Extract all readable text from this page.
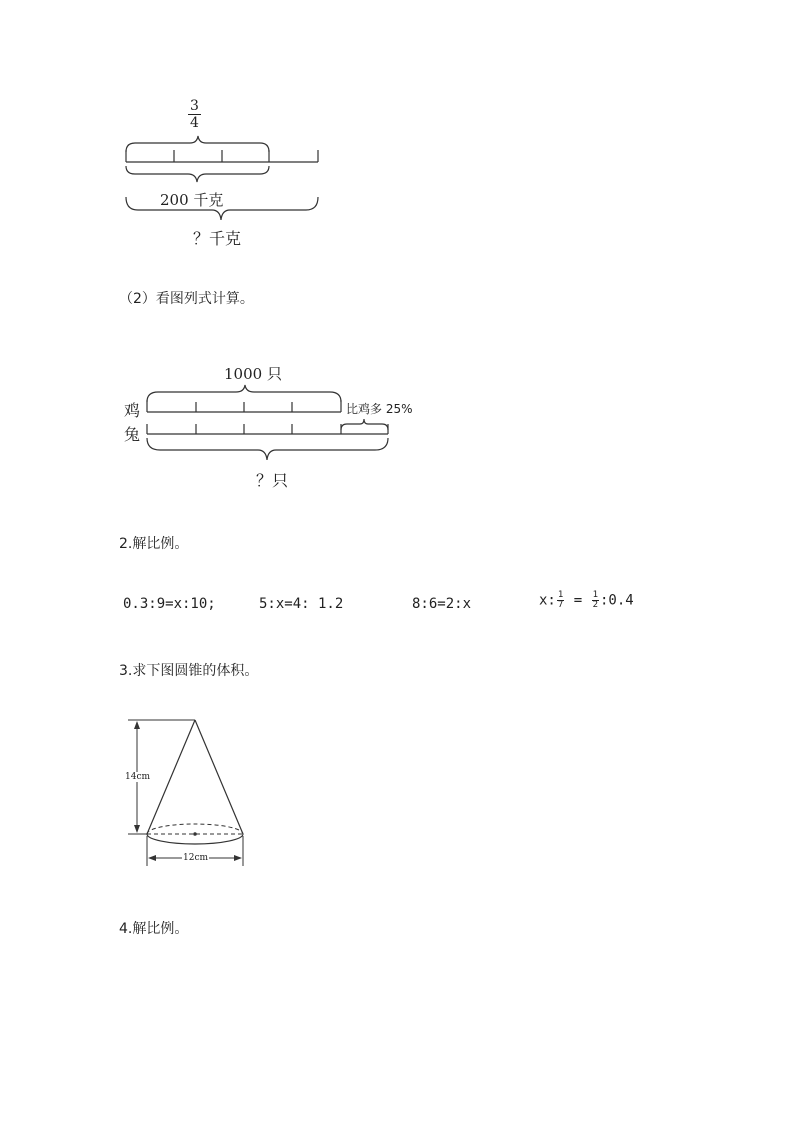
$\frac{3}{4}$
200 千克
？千克
（2）看图列式计算。
1000 只
鸡
兔
比鸡多 25%
？只
2.解比例。
0.3:9=x:10;	5:x=4: 1.2	8:6=2:x	x: $\frac{1}{7} = \frac{1}{2}$ :0.4
3.求下图圆锥的体积。
14cm
12cm
4.解比例。
